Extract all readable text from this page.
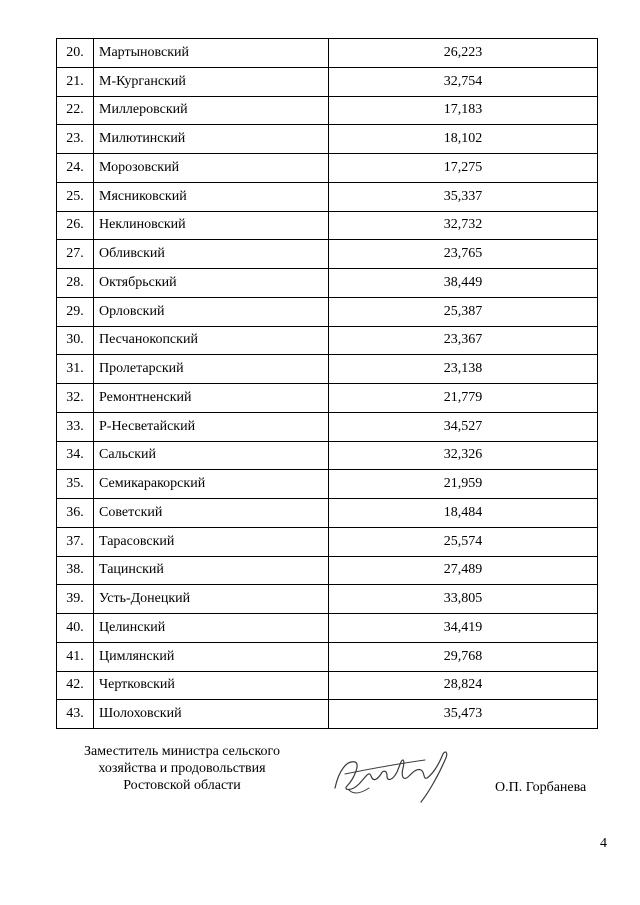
20.	Мартыновский	26,223
21.	М-Курганский	32,754
22.	Миллеровский	17,183
23.	Милютинский	18,102
24.	Морозовский	17,275
25.	Мясниковский	35,337
26.	Неклиновский	32,732
27.	Обливский	23,765
28.	Октябрьский	38,449
29.	Орловский	25,387
30.	Песчанокопский	23,367
31.	Пролетарский	23,138
32.	Ремонтненский	21,779
33.	Р-Несветайский	34,527
34.	Сальский	32,326
35.	Семикаракорский	21,959
36.	Советский	18,484
37.	Тарасовский	25,574
38.	Тацинский	27,489
39.	Усть-Донецкий	33,805
40.	Целинский	34,419
41.	Цимлянский	29,768
42.	Чертковский	28,824
43.	Шолоховский	35,473
Заместитель министра сельского
хозяйства и продовольствия
Ростовской области	О.П. Горбанева
4
